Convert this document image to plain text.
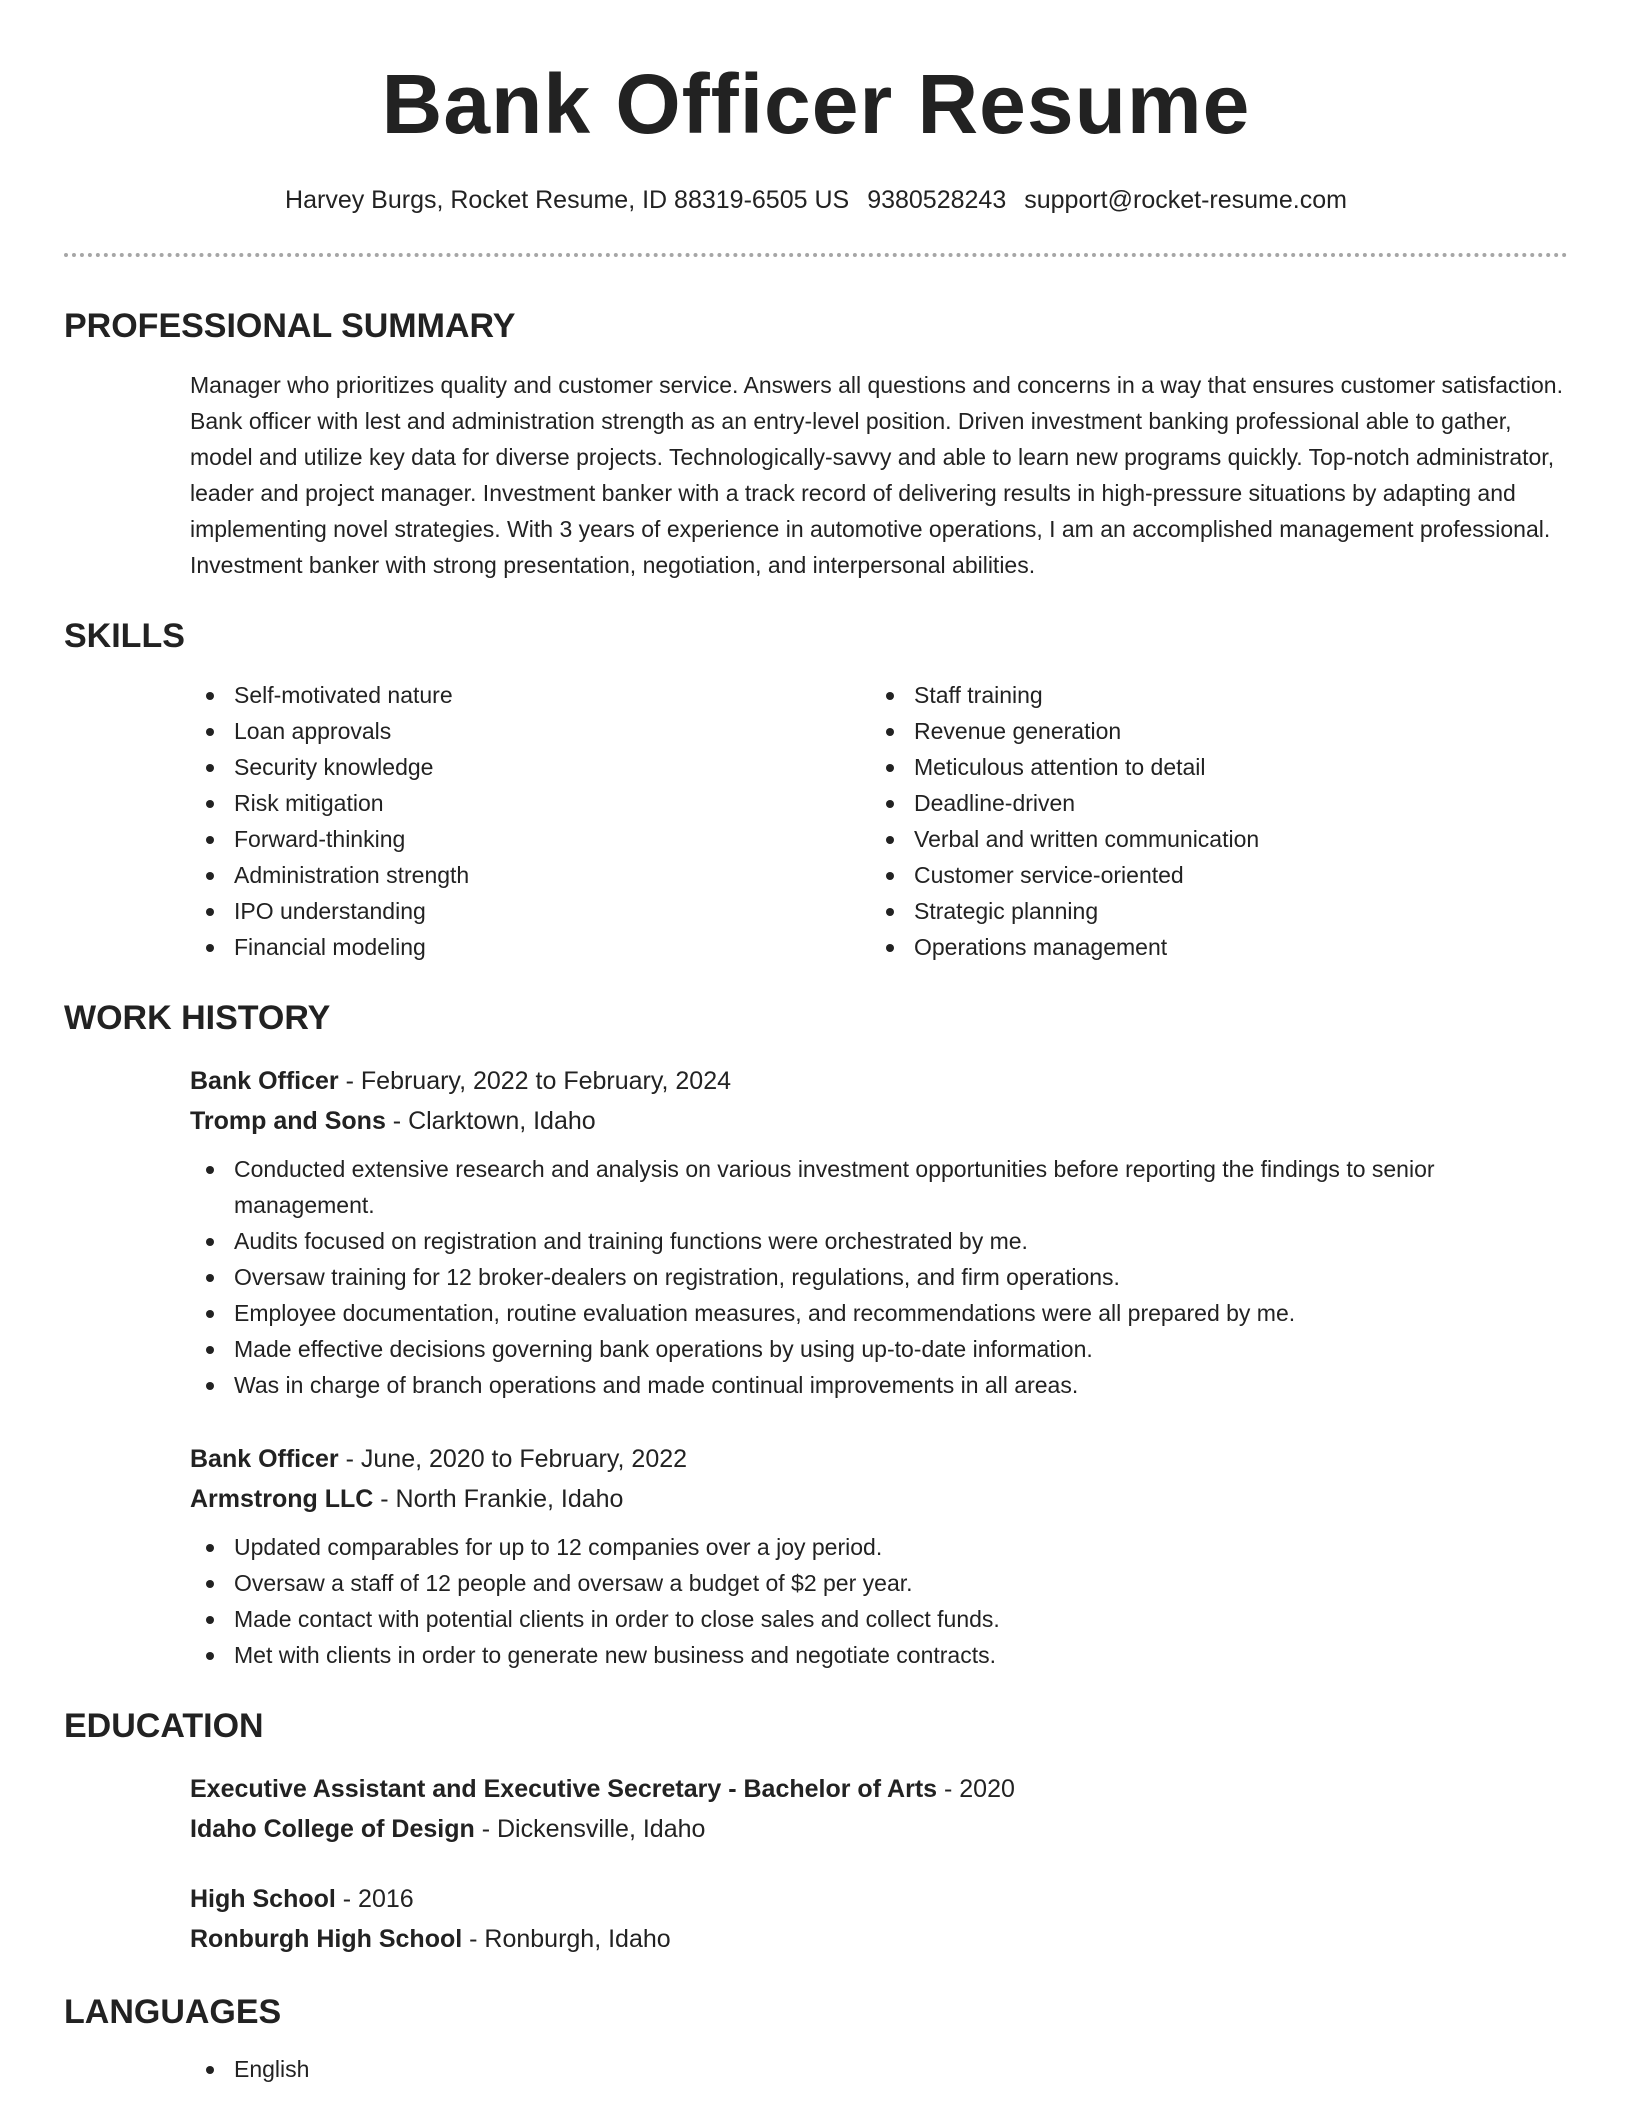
Bank Officer Resume
Harvey Burgs, Rocket Resume, ID 88319-6505 US 9380528243 support@rocket-resume.com
PROFESSIONAL SUMMARY

Manager who prioritizes quality and customer service. Answers all questions and concerns in a way that ensures customer satisfaction. Bank officer with lest and administration strength as an entry-level position. Driven investment banking professional able to gather, model and utilize key data for diverse projects. Technologically-savvy and able to learn new programs quickly. Top-notch administrator, leader and project manager. Investment banker with a track record of delivering results in high-pressure situations by adapting and implementing novel strategies. With 3 years of experience in automotive operations, I am an accomplished management professional. Investment banker with strong presentation, negotiation, and interpersonal abilities.

SKILLS
Self-motivated nature
Loan approvals
Security knowledge
Risk mitigation
Forward-thinking
Administration strength
IPO understanding
Financial modeling
Staff training
Revenue generation
Meticulous attention to detail
Deadline-driven
Verbal and written communication
Customer service-oriented
Strategic planning
Operations management
WORK HISTORY
Bank Officer - February, 2022 to February, 2024
Tromp and Sons - Clarktown, Idaho
Conducted extensive research and analysis on various investment opportunities before reporting the findings to senior management.
Audits focused on registration and training functions were orchestrated by me.
Oversaw training for 12 broker-dealers on registration, regulations, and firm operations.
Employee documentation, routine evaluation measures, and recommendations were all prepared by me.
Made effective decisions governing bank operations by using up-to-date information.
Was in charge of branch operations and made continual improvements in all areas.
Bank Officer - June, 2020 to February, 2022
Armstrong LLC - North Frankie, Idaho
Updated comparables for up to 12 companies over a joy period.
Oversaw a staff of 12 people and oversaw a budget of $2 per year.
Made contact with potential clients in order to close sales and collect funds.
Met with clients in order to generate new business and negotiate contracts.
EDUCATION
Executive Assistant and Executive Secretary - Bachelor of Arts - 2020
Idaho College of Design - Dickensville, Idaho
High School - 2016
Ronburgh High School - Ronburgh, Idaho
LANGUAGES
English
